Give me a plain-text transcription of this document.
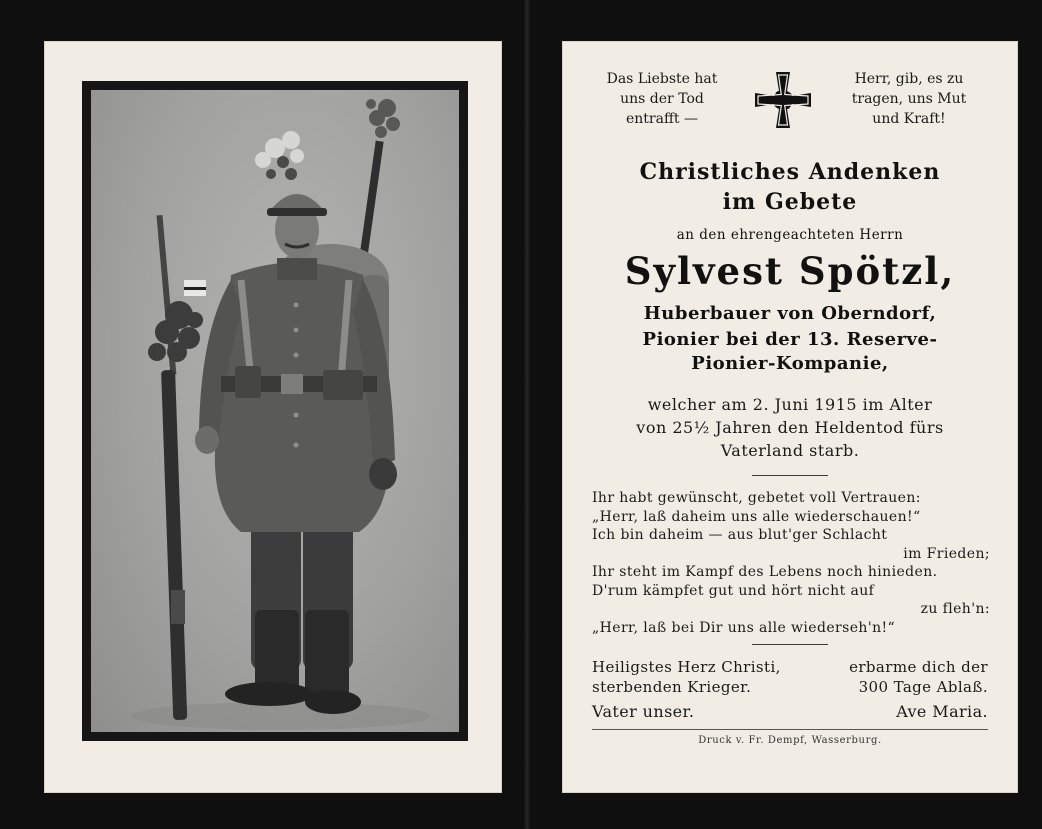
Das Liebste hat
uns der Tod
entrafft —
Herr, gib, es zu
tragen, uns Mut
und Kraft!
Christliches Andenken
im Gebete
an den ehrengeachteten Herrn
Sylvest Spötzl,
Huberbauer von Oberndorf,
Pionier bei der 13. Reserve-
Pionier-Kompanie,
welcher am 2. Juni 1915 im Alter
von 25½ Jahren den Heldentod fürs
Vaterland starb.
Ihr habt gewünscht, gebetet voll Vertrauen:
„Herr, laß daheim uns alle wiederschauen!“
Ich bin daheim — aus blut'ger Schlacht
im Frieden;
Ihr steht im Kampf des Lebens noch hinieden.
D'rum kämpfet gut und hört nicht auf
zu fleh'n:
„Herr, laß bei Dir uns alle wiederseh'n!“
Heiligstes Herz Christi,	erbarme dich der
sterbenden Krieger.	300 Tage Ablaß.
Vater unser.	Ave Maria.
Druck v. Fr. Dempf, Wasserburg.
